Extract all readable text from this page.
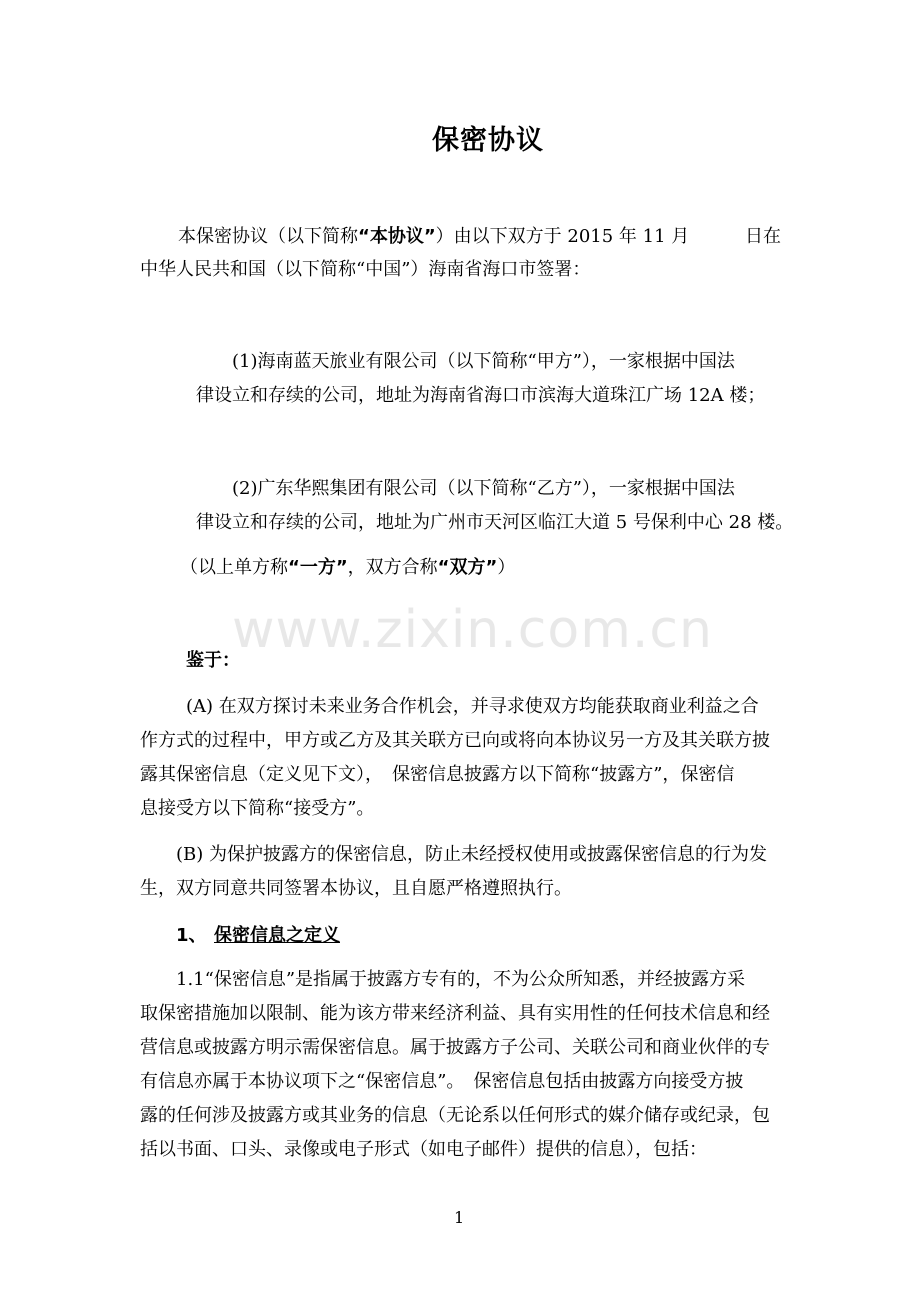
www.zixin.com.cn
保密协议
本保密协议（以下简称“本协议”）由以下双方于 2015 年 11 月	日在
中华人民共和国（以下简称“中国”）海南省海口市签署：
(1)海南蓝天旅业有限公司（以下简称“甲方”），一家根据中国法
律设立和存续的公司，地址为海南省海口市滨海大道珠江广场 12A 楼；
(2)广东华熙集团有限公司（以下简称“乙方”），一家根据中国法
律设立和存续的公司，地址为广州市天河区临江大道 5 号保利中心 28 楼。
（以上单方称“一方”，双方合称“双方”）
鉴于：
(A) 在双方探讨未来业务合作机会，并寻求使双方均能获取商业利益之合
作方式的过程中，甲方或乙方及其关联方已向或将向本协议另一方及其关联方披
露其保密信息（定义见下文），　保密信息披露方以下简称“披露方”，保密信
息接受方以下简称“接受方”。
(B) 为保护披露方的保密信息，防止未经授权使用或披露保密信息的行为发
生，双方同意共同签署本协议，且自愿严格遵照执行。
1、 保密信息之定义
1.1“保密信息”是指属于披露方专有的，不为公众所知悉，并经披露方采
取保密措施加以限制、能为该方带来经济利益、具有实用性的任何技术信息和经
营信息或披露方明示需保密信息。属于披露方子公司、关联公司和商业伙伴的专
有信息亦属于本协议项下之“保密信息”。　保密信息包括由披露方向接受方披
露的任何涉及披露方或其业务的信息（无论系以任何形式的媒介储存或纪录，包
括以书面、口头、录像或电子形式（如电子邮件）提供的信息），包括：
1
